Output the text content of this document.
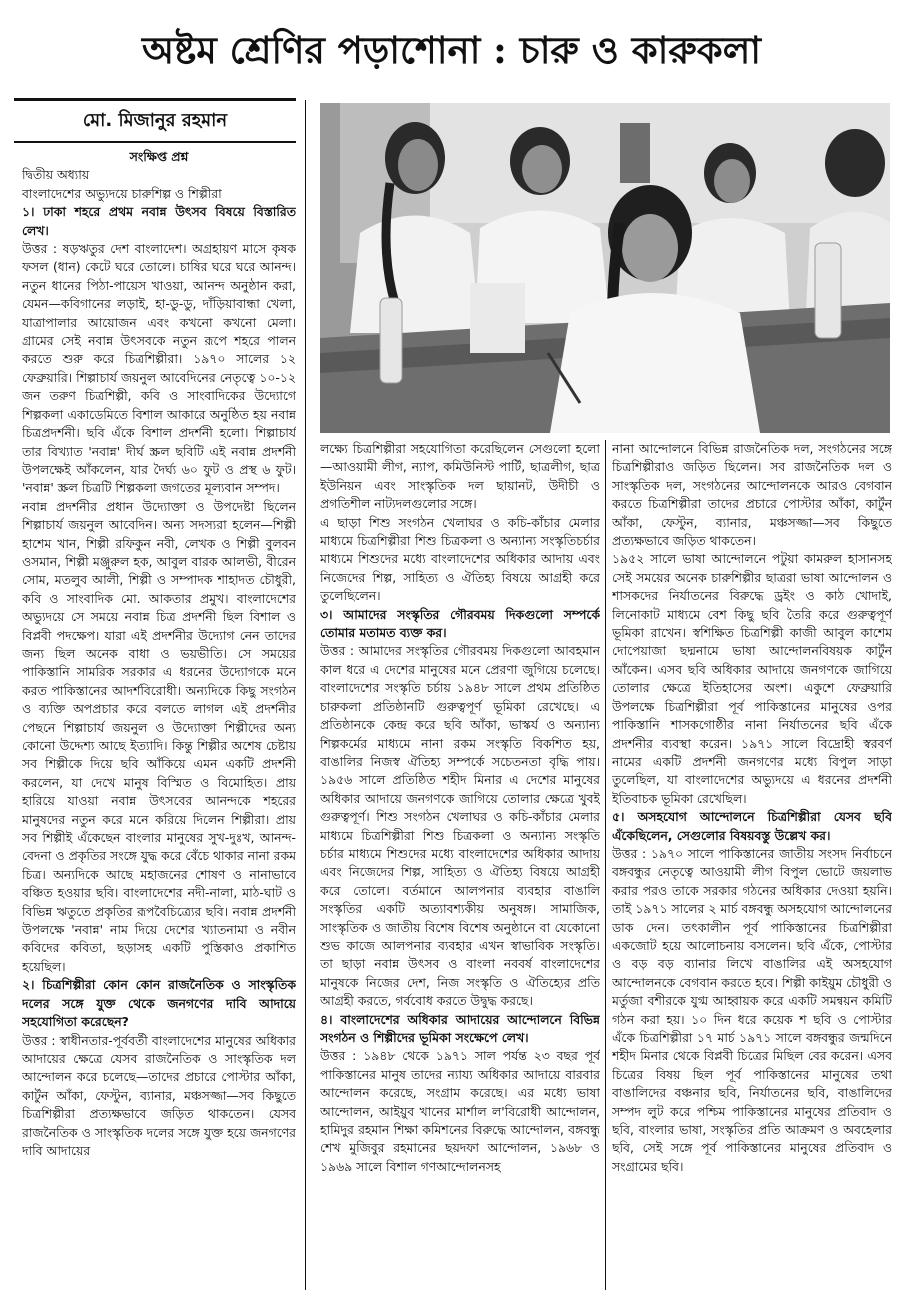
অষ্টম শ্রেণির পড়াশোনা : চারু ও কারুকলা
মো. মিজানুর রহমান

সংক্ষিপ্ত প্রশ্ন

দ্বিতীয় অধ্যায়

বাংলাদেশের অভ্যুদয়ে চারুশিল্প ও শিল্পীরা

১। ঢাকা শহরে প্রথম নবান্ন উৎসব বিষয়ে বিস্তারিত লেখ।

উত্তর : ষড়ঋতুর দেশ বাংলাদেশ। অগ্রহায়ণ মাসে কৃষক ফসল (ধান) কেটে ঘরে তোলে। চাষির ঘরে ঘরে আনন্দ। নতুন ধানের পিঠা-পায়েস খাওয়া, আনন্দ অনুষ্ঠান করা, যেমন—কবিগানের লড়াই, হা-ডু-ডু, দাঁড়িয়াবান্ধা খেলা, যাত্রাপালার আয়োজন এবং কখনো কখনো মেলা। গ্রামের সেই নবান্ন উৎসবকে নতুন রূপে শহরে পালন করতে শুরু করে চিত্রশিল্পীরা। ১৯৭০ সালের ১২ ফেব্রুয়ারি। শিল্পাচার্য জয়নুল আবেদিনের নেতৃত্বে ১০-১২ জন তরুণ চিত্রশিল্পী, কবি ও সাংবাদিকের উদ্যোগে শিল্পকলা একাডেমিতে বিশাল আকারে অনুষ্ঠিত হয় নবান্ন চিত্রপ্রদর্শনী। ছবি এঁকে বিশাল প্রদর্শনী হলো। শিল্পাচার্য তার বিখ্যাত 'নবান্ন' দীর্ঘ স্ক্রল ছবিটি এই নবান্ন প্রদর্শনী উপলক্ষেই আঁকলেন, যার দৈর্ঘ্য ৬০ ফুট ও প্রস্থ ৬ ফুট। 'নবান্ন' স্ক্রল চিত্রটি শিল্পকলা জগতের মূল্যবান সম্পদ।

নবান্ন প্রদর্শনীর প্রধান উদ্যোক্তা ও উপদেষ্টা ছিলেন শিল্পাচার্য জয়নুল আবেদিন। অন্য সদস্যরা হলেন—শিল্পী হাশেম খান, শিল্পী রফিকুন নবী, লেখক ও শিল্পী বুলবন ওসমান, শিল্পী মঞ্জুরুল হক, আবুল বারক আলভী, বীরেন সোম, মতলুব আলী, শিল্পী ও সম্পাদক শাহাদত চৌধুরী, কবি ও সাংবাদিক মো. আকতার প্রমুখ। বাংলাদেশের অভ্যুদয়ে সে সময়ে নবান্ন চিত্র প্রদর্শনী ছিল বিশাল ও বিপ্লবী পদক্ষেপ। যারা এই প্রদর্শনীর উদ্যোগ নেন তাদের জন্য ছিল অনেক বাধা ও ভয়ভীতি। সে সময়ের পাকিস্তানি সামরিক সরকার এ ধরনের উদ্যোগকে মনে করত পাকিস্তানের আদর্শবিরোধী। অন্যদিকে কিছু সংগঠন ও ব্যক্তি অপপ্রচার করে বলতে লাগল এই প্রদর্শনীর পেছনে শিল্পাচার্য জয়নুল ও উদ্যোক্তা শিল্পীদের অন্য কোনো উদ্দেশ্য আছে ইত্যাদি। কিন্তু শিল্পীর অশেষ চেষ্টায় সব শিল্পীকে দিয়ে ছবি আঁকিয়ে এমন একটি প্রদর্শনী করলেন, যা দেখে মানুষ বিস্মিত ও বিমোহিত। প্রায় হারিয়ে যাওয়া নবান্ন উৎসবের আনন্দকে শহরের মানুষদের নতুন করে মনে করিয়ে দিলেন শিল্পীরা। প্রায় সব শিল্পীই এঁকেছেন বাংলার মানুষের সুখ-দুঃখ, আনন্দ-বেদনা ও প্রকৃতির সংঙ্গে যুদ্ধ করে বেঁচে থাকার নানা রকম চিত্র। অন্যদিকে আছে মহাজনের শোষণ ও নানাভাবে বঞ্চিত হওয়ার ছবি। বাংলাদেশের নদী-নালা, মাঠ-ঘাট ও বিভিন্ন ঋতুতে প্রকৃতির রূপবৈচিত্র্যের ছবি। নবান্ন প্রদর্শনী উপলক্ষে 'নবান্ন' নাম দিয়ে দেশের খ্যাতনামা ও নবীন কবিদের কবিতা, ছড়াসহ একটি পুস্তিকাও প্রকাশিত হয়েছিল।

২। চিত্রশিল্পীরা কোন কোন রাজনৈতিক ও সাংস্কৃতিক দলের সঙ্গে যুক্ত থেকে জনগণের দাবি আদায়ে সহযোগিতা করেছেন?

উত্তর : স্বাধীনতার-পূর্ববর্তী বাংলাদেশের মানুষের অধিকার আদায়ের ক্ষেত্রে যেসব রাজনৈতিক ও সাংস্কৃতিক দল আন্দোলন করে চলেছে—তাদের প্রচারে পোস্টার আঁকা, কার্টুন আঁকা, ফেস্টুন, ব্যানার, মঞ্চসজ্জা—সব কিছুতে চিত্রশিল্পীরা প্রত্যক্ষভাবে জড়িত থাকতেন। যেসব রাজনৈতিক ও সাংস্কৃতিক দলের সঙ্গে যুক্ত হয়ে জনগণের দাবি আদায়ের

লক্ষ্যে চিত্রশিল্পীরা সহযোগিতা করেছিলেন সেগুলো হলো—আওয়ামী লীগ, ন্যাপ, কমিউনিস্ট পার্টি, ছাত্রলীগ, ছাত্র ইউনিয়ন এবং সাংস্কৃতিক দল ছায়ানট, উদীচী ও প্রগতিশীল নাট্যদলগুলোর সঙ্গে।

এ ছাড়া শিশু সংগঠন খেলাঘর ও কচি-কাঁচার মেলার মাধ্যমে চিত্রশিল্পীরা শিশু চিত্রকলা ও অন্যান্য সংস্কৃতিচর্চার মাধ্যমে শিশুদের মধ্যে বাংলাদেশের অধিকার আদায় এবং নিজেদের শিল্প, সাহিত্য ও ঐতিহ্য বিষয়ে আগ্রহী করে তুলেছিলেন।

৩। আমাদের সংস্কৃতির গৌরবময় দিকগুলো সম্পর্কে তোমার মতামত ব্যক্ত কর।

উত্তর : আমাদের সংস্কৃতির গৌরবময় দিকগুলো আবহমান কাল ধরে এ দেশের মানুষের মনে প্রেরণা জুগিয়ে চলেছে। বাংলাদেশের সংস্কৃতি চর্চায় ১৯৪৮ সালে প্রথম প্রতিষ্ঠিত চারুকলা প্রতিষ্ঠানটি গুরুত্বপূর্ণ ভূমিকা রেখেছে। এ প্রতিষ্ঠানকে কেন্দ্র করে ছবি আঁকা, ভাস্কর্য ও অন্যান্য শিল্পকর্মের মাধ্যমে নানা রকম সংস্কৃতি বিকশিত হয়, বাঙালির নিজস্ব ঐতিহ্য সম্পর্কে সচেতনতা বৃদ্ধি পায়। ১৯৫৬ সালে প্রতিষ্ঠিত শহীদ মিনার এ দেশের মানুষের অধিকার আদায়ে জনগণকে জাগিয়ে তোলার ক্ষেত্রে খুবই গুরুত্বপূর্ণ। শিশু সংগঠন খেলাঘর ও কচি-কাঁচার মেলার মাধ্যমে চিত্রশিল্পীরা শিশু চিত্রকলা ও অন্যান্য সংস্কৃতি চর্চার মাধ্যমে শিশুদের মধ্যে বাংলাদেশের অধিকার আদায় এবং নিজেদের শিল্প, সাহিত্য ও ঐতিহ্য বিষয়ে আগ্রহী করে তোলে। বর্তমানে আলপনার ব্যবহার বাঙালি সংস্কৃতির একটি অত্যাবশ্যকীয় অনুষঙ্গ। সামাজিক, সাংস্কৃতিক ও জাতীয় বিশেষ বিশেষ অনুষ্ঠানে বা যেকোনো শুভ কাজে আলপনার ব্যবহার এখন স্বাভাবিক সংস্কৃতি। তা ছাড়া নবান্ন উৎসব ও বাংলা নববর্ষ বাংলাদেশের মানুষকে নিজের দেশ, নিজ সংস্কৃতি ও ঐতিহ্যের প্রতি আগ্রহী করতে, গর্ববোধ করতে উদ্বুদ্ধ করছে।

৪। বাংলাদেশের অধিকার আদায়ের আন্দোলনে বিভিন্ন সংগঠন ও শিল্পীদের ভূমিকা সংক্ষেপে লেখ।

উত্তর : ১৯৪৮ থেকে ১৯৭১ সাল পর্যন্ত ২৩ বছর পূর্ব পাকিস্তানের মানুষ তাদের ন্যায্য অধিকার আদায়ে বারবার আন্দোলন করেছে, সংগ্রাম করেছে। এর মধ্যে ভাষা আন্দোলন, আইয়ুব খানের মার্শাল ল'বিরোধী আন্দোলন, হামিদুর রহমান শিক্ষা কমিশনের বিরুদ্ধে আন্দোলন, বঙ্গবন্ধু শেখ মুজিবুর রহমানের ছয়দফা আন্দোলন, ১৯৬৮ ও ১৯৬৯ সালে বিশাল গণআন্দোলনসহ

নানা আন্দোলনে বিভিন্ন রাজনৈতিক দল, সংগঠনের সঙ্গে চিত্রশিল্পীরাও জড়িত ছিলেন। সব রাজনৈতিক দল ও সাংস্কৃতিক দল, সংগঠনের আন্দোলনকে আরও বেগবান করতে চিত্রশিল্পীরা তাদের প্রচারে পোস্টার আঁকা, কার্টুন আঁকা, ফেস্টুন, ব্যানার, মঞ্চসজ্জা—সব কিছুতে প্রত্যক্ষভাবে জড়িত থাকতেন।

১৯৫২ সালে ভাষা আন্দোলনে পটুয়া কামরুল হাসানসহ সেই সময়ের অনেক চারুশিল্পীর ছাত্ররা ভাষা আন্দোলন ও শাসকদের নির্যাতনের বিরুদ্ধে ড্রইং ও কাঠ খোদাই, লিনোকাট মাধ্যমে বেশ কিছু ছবি তৈরি করে গুরুত্বপূর্ণ ভূমিকা রাখেন। স্বশিক্ষিত চিত্রশিল্পী কাজী আবুল কাশেম দোপেয়াজা ছদ্মনামে ভাষা আন্দোলনবিষয়ক কার্টুন আঁকেন। এসব ছবি অধিকার আদায়ে জনগণকে জাগিয়ে তোলার ক্ষেত্রে ইতিহাসের অংশ। একুশে ফেব্রুয়ারি উপলক্ষে চিত্রশিল্পীরা পূর্ব পাকিস্তানের মানুষের ওপর পাকিস্তানি শাসকগোষ্ঠীর নানা নির্যাতনের ছবি এঁকে প্রদর্শনীর ব্যবস্থা করেন। ১৯৭১ সালে বিদ্রোহী স্বরবর্ণ নামের একটি প্রদর্শনী জনগণের মধ্যে বিপুল সাড়া তুলেছিল, যা বাংলাদেশের অভ্যুদয়ে এ ধরনের প্রদর্শনী ইতিবাচক ভূমিকা রেখেছিল।

৫। অসহযোগ আন্দোলনে চিত্রশিল্পীরা যেসব ছবি এঁকেছিলেন, সেগুলোর বিষয়বস্তু উল্লেখ কর।

উত্তর : ১৯৭০ সালে পাকিস্তানের জাতীয় সংসদ নির্বাচনে বঙ্গবন্ধুর নেতৃত্বে আওয়ামী লীগ বিপুল ভোটে জয়লাভ করার পরও তাকে সরকার গঠনের অধিকার দেওয়া হয়নি। তাই ১৯৭১ সালের ২ মার্চ বঙ্গবন্ধু অসহযোগ আন্দোলনের ডাক দেন। তৎকালীন পূর্ব পাকিস্তানের চিত্রশিল্পীরা একজোট হয়ে আলোচনায় বসলেন। ছবি এঁকে, পোস্টার ও বড় বড় ব্যানার লিখে বাঙালির এই অসহযোগ আন্দোলনকে বেগবান করতে হবে। শিল্পী কাইয়ুম চৌধুরী ও মর্তুজা বশীরকে যুগ্ম আহ্বায়ক করে একটি সমন্বয়ন কমিটি গঠন করা হয়। ১০ দিন ধরে কয়েক শ ছবি ও পোস্টার এঁকে চিত্রশিল্পীরা ১৭ মার্চ ১৯৭১ সালে বঙ্গবন্ধুর জন্মদিনে শহীদ মিনার থেকে বিপ্লবী চিত্রের মিছিল বের করেন। এসব চিত্রের বিষয় ছিল পূর্ব পাকিস্তানের মানুষের তথা বাঙালিদের বঞ্চনার ছবি, নির্যাতনের ছবি, বাঙালিদের সম্পদ লুট করে পশ্চিম পাকিস্তানের মানুষের প্রতিবাদ ও ছবি, বাংলার ভাষা, সংস্কৃতির প্রতি আক্রমণ ও অবহেলার ছবি, সেই সঙ্গে পূর্ব পাকিস্তানের মানুষের প্রতিবাদ ও সংগ্রামের ছবি।
